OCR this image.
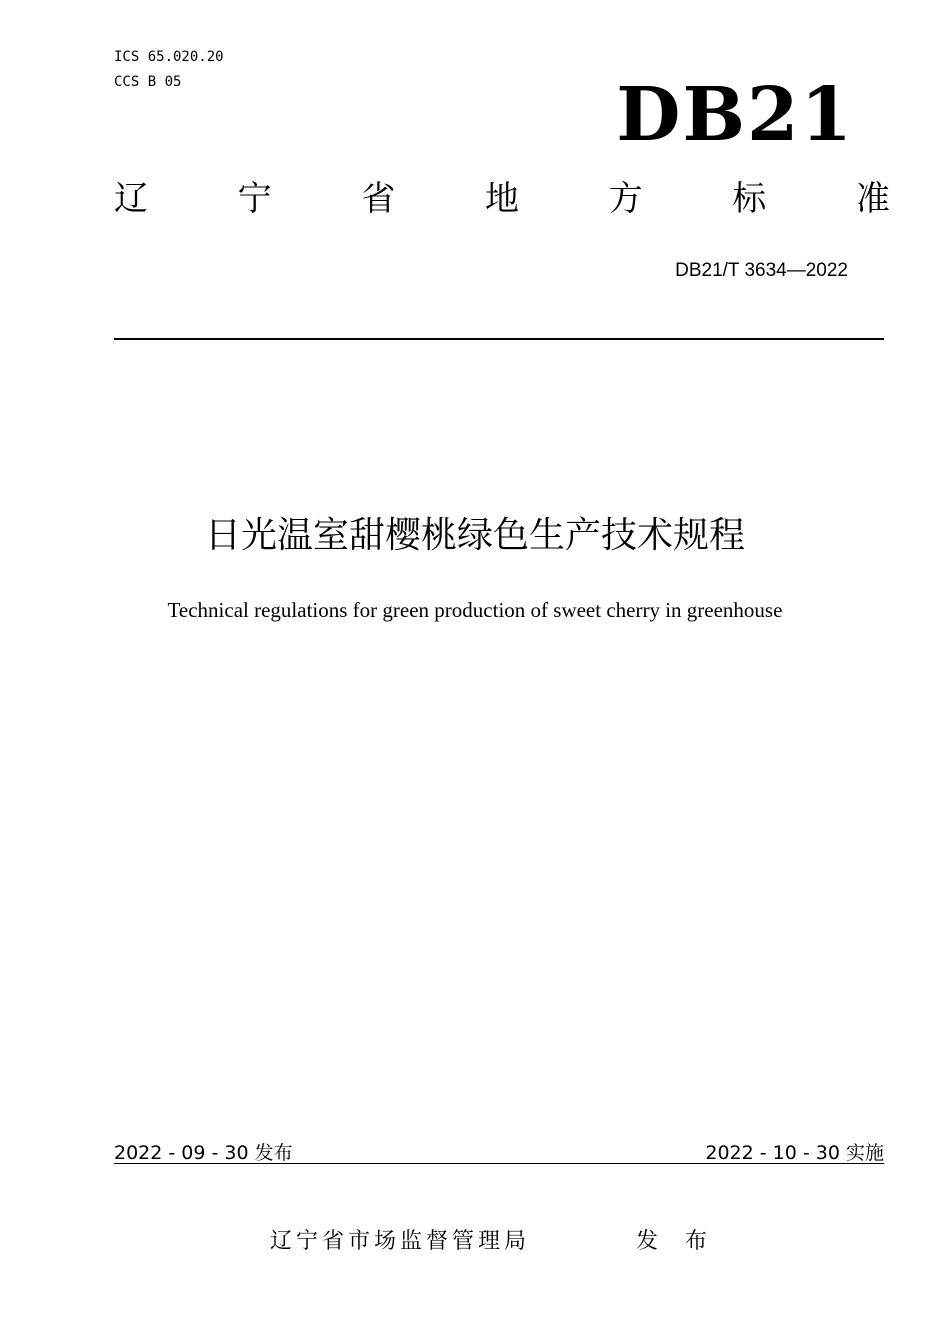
ICS 65.020.20
CCS B 05	DB21
辽	宁	省	地	方	标	准
DB21/T 3634—2022
日光温室甜樱桃绿色生产技术规程
Technical regulations for green production of sweet cherry in greenhouse
2022 - 09 - 30 发布	2022 - 10 - 30 实施
辽宁省市场监督管理局	发 布
